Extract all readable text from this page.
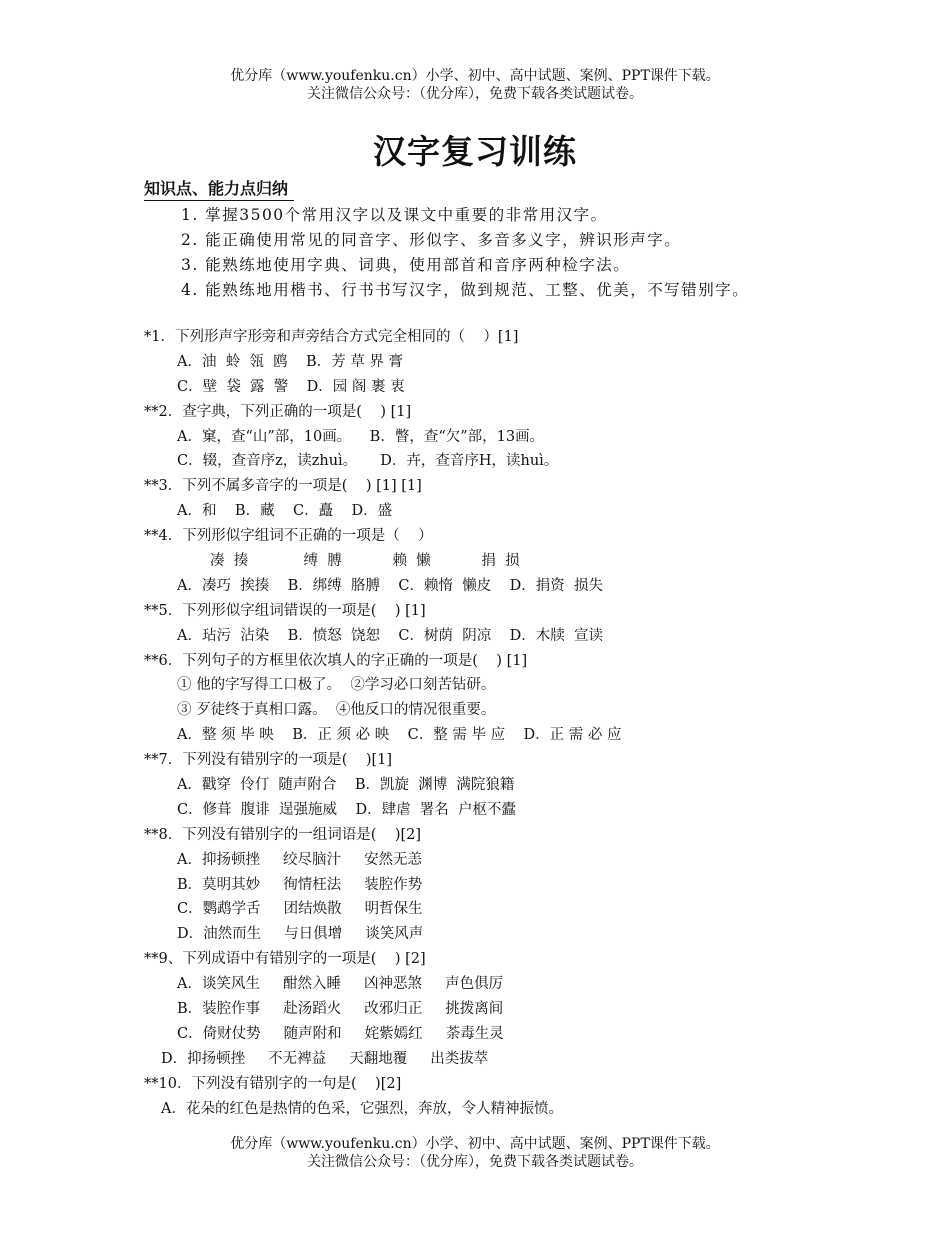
优分库（www.youfenku.cn）小学、初中、高中试题、案例、PPT课件下载。
关注微信公众号：（优分库），免费下载各类试题试卷。
汉字复习训练
知识点、能力点归纳
1. 掌握3500个常用汉字以及课文中重要的非常用汉字。
2. 能正确使用常见的同音字、形似字、多音多义字，辨识形声字。
3. 能熟练地使用字典、词典，使用部首和音序两种检字法。
4. 能熟练地用楷书、行书书写汉字，做到规范、工整、优美，不写错别字。
*1．下列形声字形旁和声旁结合方式完全相同的（    ）[1]
A．油  蛉  瓴  鸥    B．芳 草 界 膏
C．壁  袋  露  警    D．园 阁 裹 衷
**2．查字典，下列正确的一项是(    ) [1]
A．窠，查“山”部，10画。    B．瞥，查“欠”部，13画。
C．辍，查音序z，读zhuì。     D．卉，查音序H，读huì。
**3．下列不属多音字的一项是(    ) [1] [1]
A．和    B．藏    C．矗    D．盛
**4．下列形似字组词不正确的一项是（    ）
凑  揍            缚  膊           赖  懒           捐  损
A．凑巧  挨揍    B．绑缚  胳膊    C．赖惰  懒皮    D．捐资  损失
**5．下列形似字组词错误的一项是(    ) [1]
A．玷污  沾染    B．愤怒  饶恕    C．树荫  阴凉    D．木牍  宣读
**6．下列句子的方框里依次填人的字正确的一项是(    ) [1]
① 他的字写得工口极了。  ②学习必口刻苦钻研。
③ 歹徒终于真相口露。  ④他反口的情况很重要。
A．整 须 毕 映    B．正 须 必 映    C．整 需 毕 应    D．正 需 必 应
**7．下列没有错别字的一项是(    )[1]
A．戳穿  伶仃  随声附合    B．凯旋  渊博  满院狼籍
C．修葺  腹诽  逞强施威    D．肆虐  署名  户枢不蠹
**8．下列没有错别字的一组词语是(    )[2]
A．抑扬顿挫     绞尽脑汁     安然无恙
B．莫明其妙     徇情枉法     装腔作势
C．鹦鹉学舌     团结焕散     明哲保生
D．油然而生     与日俱增     谈笑风声
**9、下列成语中有错别字的一项是(    ) [2]
A．谈笑风生     酣然入睡     凶神恶煞     声色俱厉
B．装腔作事     赴汤蹈火     改邪归正     挑拨离间
C．倚财仗势     随声附和     姹紫嫣红     荼毒生灵
D．抑扬顿挫     不无裨益     天翻地覆     出类拔萃
**10．下列没有错别字的一句是(    )[2]
A．花朵的红色是热情的色采，它强烈，奔放，令人精神振愤。
优分库（www.youfenku.cn）小学、初中、高中试题、案例、PPT课件下载。
关注微信公众号：（优分库），免费下载各类试题试卷。
